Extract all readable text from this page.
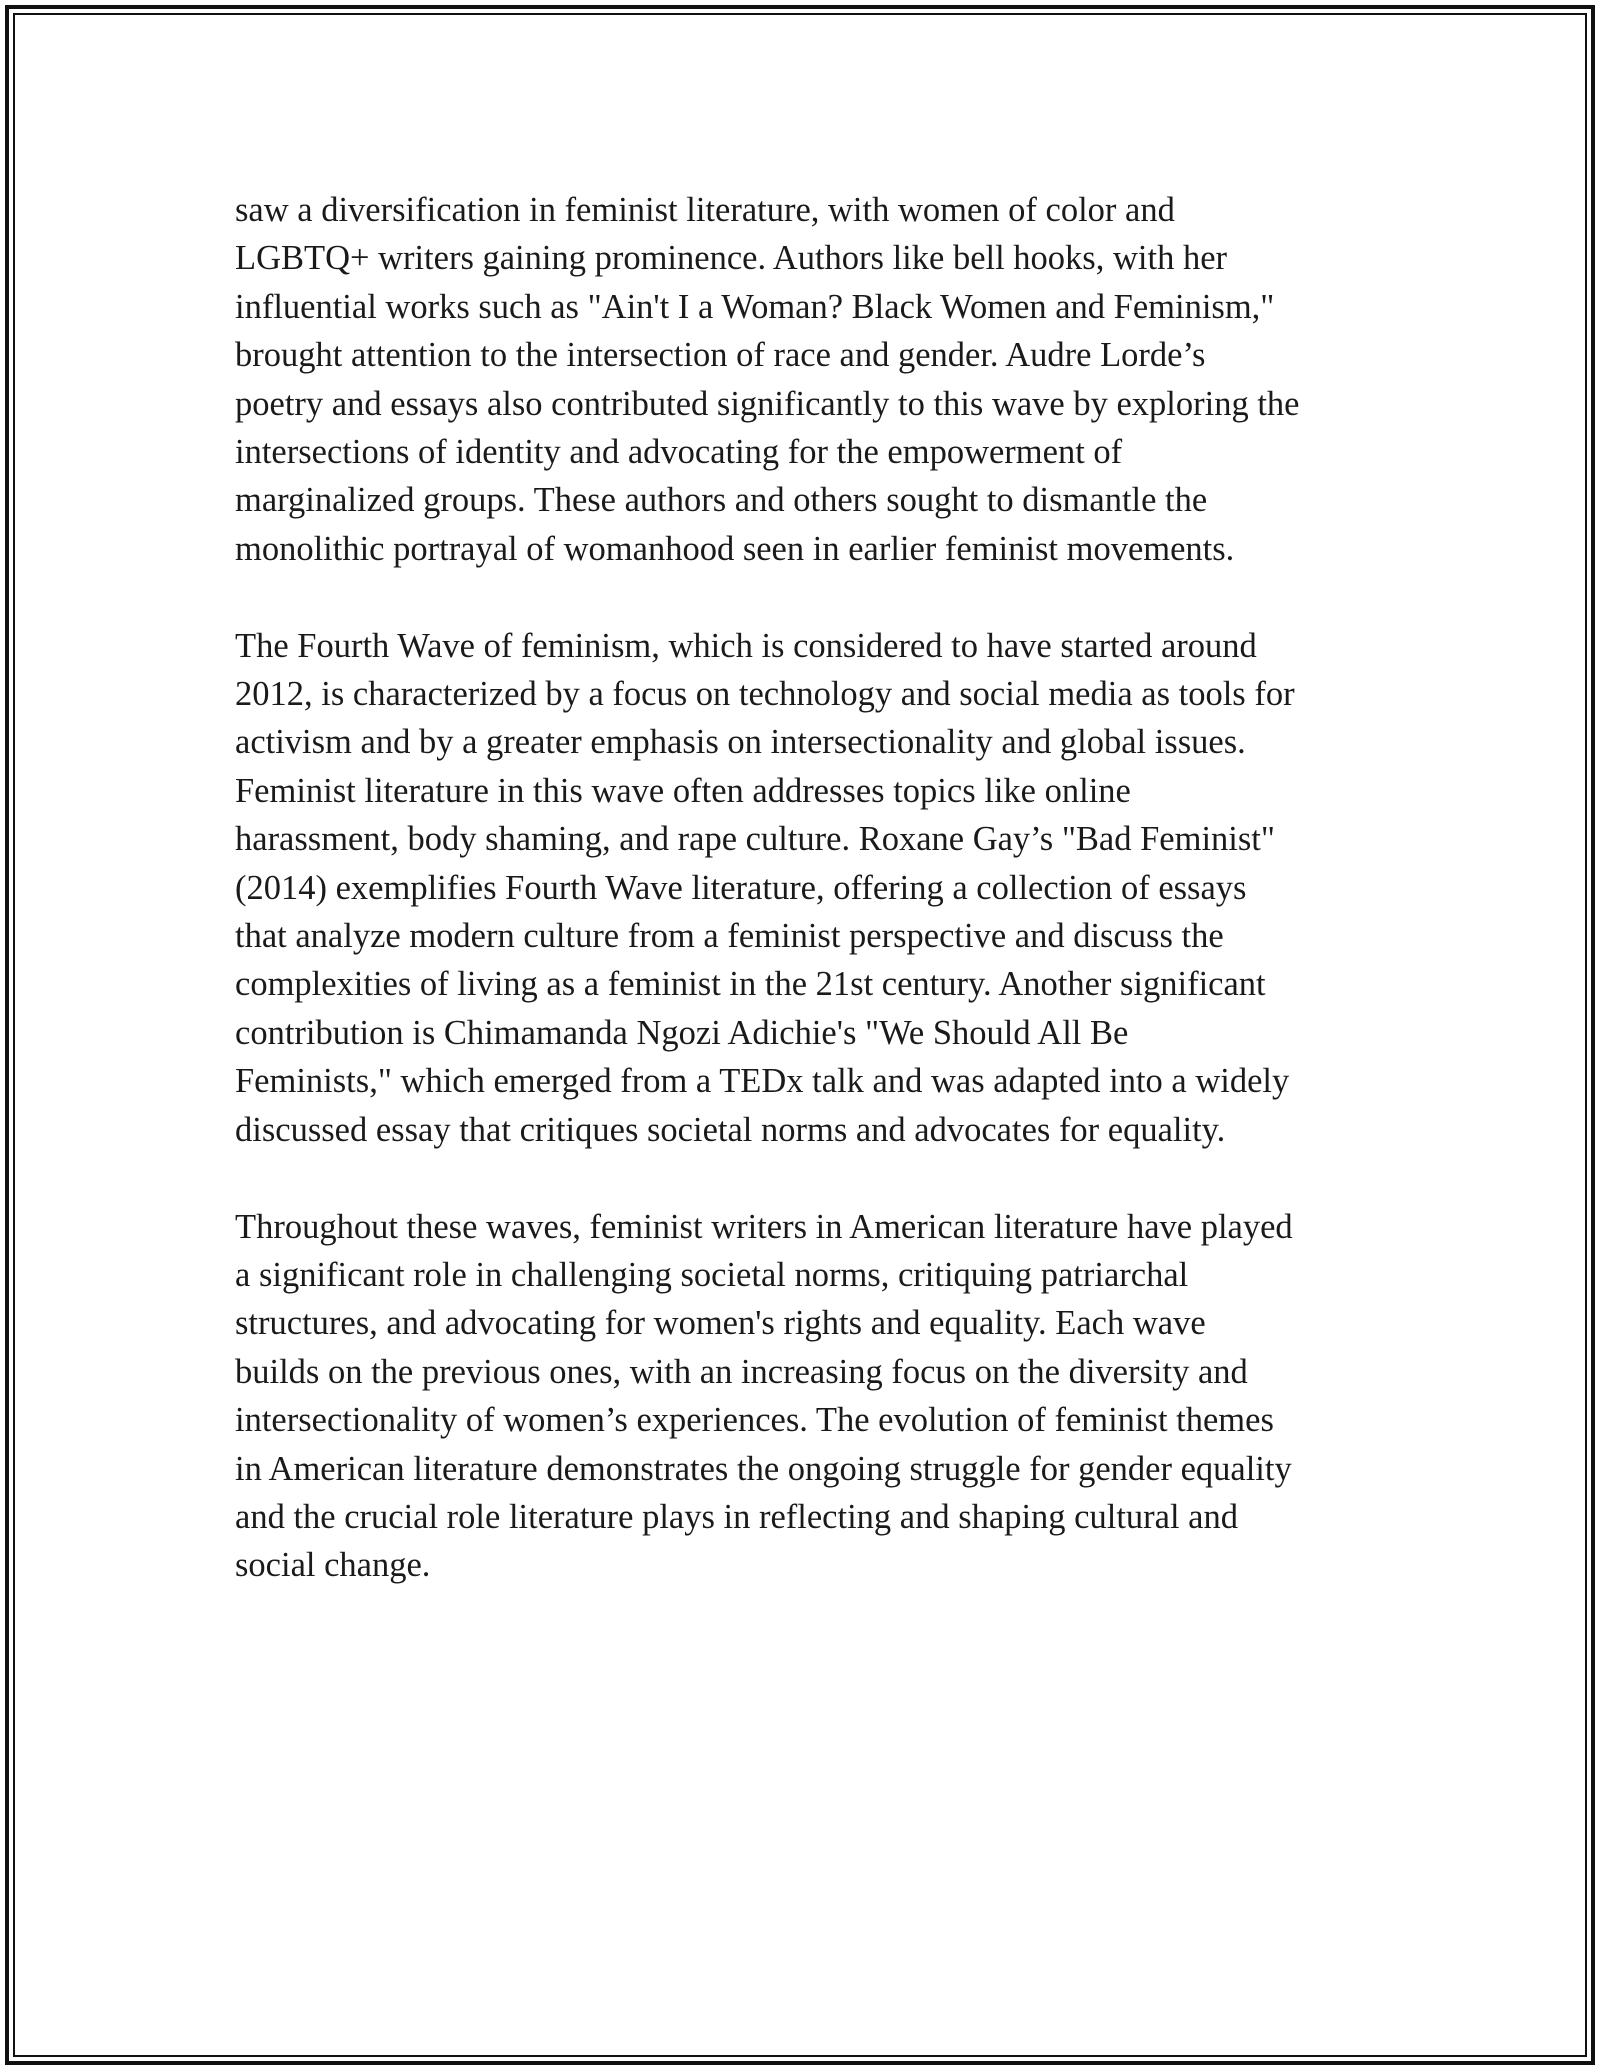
saw a diversification in feminist literature, with women of color and
LGBTQ+ writers gaining prominence. Authors like bell hooks, with her
influential works such as "Ain't I a Woman? Black Women and Feminism,"
brought attention to the intersection of race and gender. Audre Lorde’s
poetry and essays also contributed significantly to this wave by exploring the
intersections of identity and advocating for the empowerment of
marginalized groups. These authors and others sought to dismantle the
monolithic portrayal of womanhood seen in earlier feminist movements.
The Fourth Wave of feminism, which is considered to have started around
2012, is characterized by a focus on technology and social media as tools for
activism and by a greater emphasis on intersectionality and global issues.
Feminist literature in this wave often addresses topics like online
harassment, body shaming, and rape culture. Roxane Gay’s "Bad Feminist"
(2014) exemplifies Fourth Wave literature, offering a collection of essays
that analyze modern culture from a feminist perspective and discuss the
complexities of living as a feminist in the 21st century. Another significant
contribution is Chimamanda Ngozi Adichie's "We Should All Be
Feminists," which emerged from a TEDx talk and was adapted into a widely
discussed essay that critiques societal norms and advocates for equality.
Throughout these waves, feminist writers in American literature have played
a significant role in challenging societal norms, critiquing patriarchal
structures, and advocating for women's rights and equality. Each wave
builds on the previous ones, with an increasing focus on the diversity and
intersectionality of women’s experiences. The evolution of feminist themes
in American literature demonstrates the ongoing struggle for gender equality
and the crucial role literature plays in reflecting and shaping cultural and
social change.
